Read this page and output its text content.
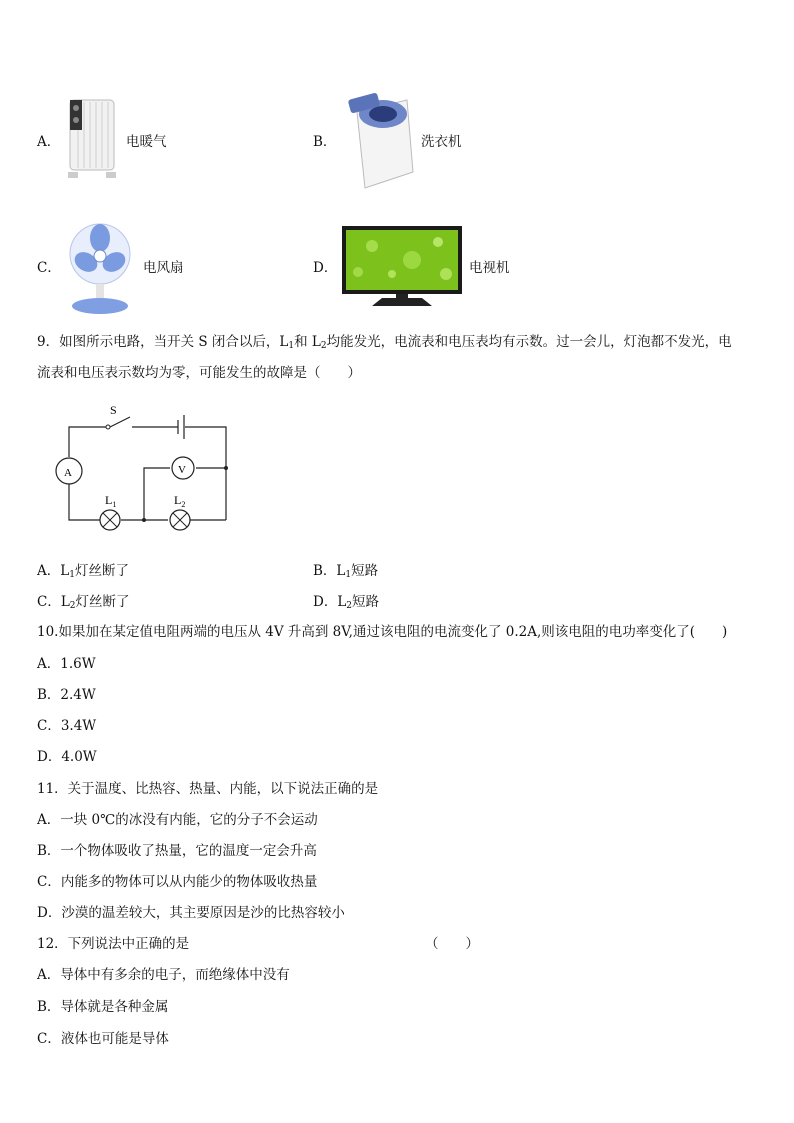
A．	电暖气	B．	洗衣机
C．	电风扇	D．	电视机
9．如图所示电路，当开关 S 闭合以后，$L_1$和 $L_2$均能发光，电流表和电压表均有示数。过一会儿，灯泡都不发光，电
流表和电压表示数均为零，可能发生的故障是（　　）
S
A	V
$L_1$	$L_2$
A．$L_1$灯丝断了	B．$L_1$短路
C．$L_2$灯丝断了	D．$L_2$短路
10.如果加在某定值电阻两端的电压从 4V 升高到 8V,通过该电阻的电流变化了 0.2A,则该电阻的电功率变化了(　　)
A．1.6W
B．2.4W
C．3.4W
D．4.0W
11．关于温度、比热容、热量、内能，以下说法正确的是
A．一块 0℃的冰没有内能，它的分子不会运动
B．一个物体吸收了热量，它的温度一定会升高
C．内能多的物体可以从内能少的物体吸收热量
D．沙漠的温差较大，其主要原因是沙的比热容较小
12．下列说法中正确的是	（　　）
A．导体中有多余的电子，而绝缘体中没有
B．导体就是各种金属
C．液体也可能是导体
